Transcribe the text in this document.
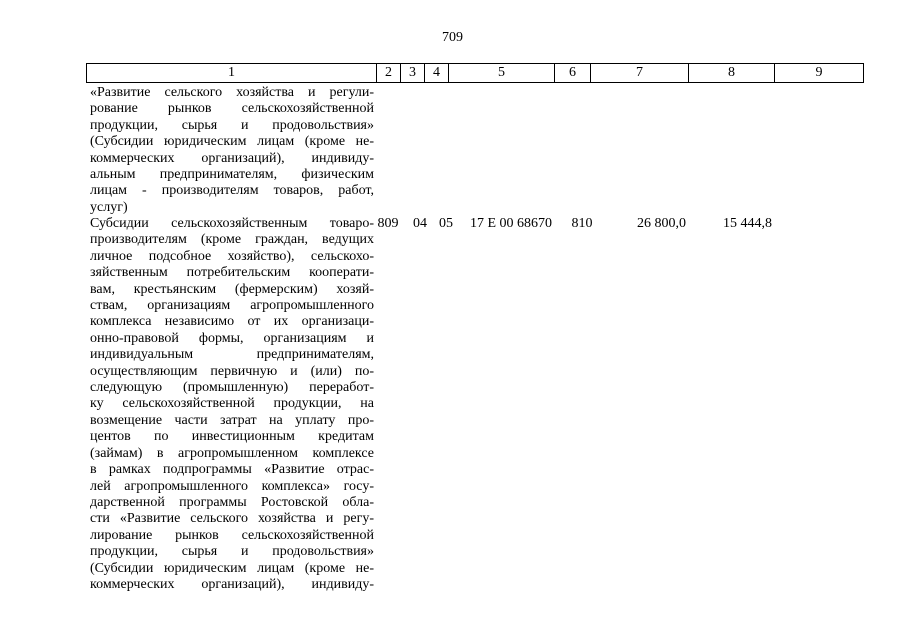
709
1	2	3	4	5	6	7	8	9
«Развитие сельского хозяйства и регули-
рование рынков сельскохозяйственной
продукции, сырья и продовольствия»
(Субсидии юридическим лицам (кроме не-
коммерческих организаций), индивиду-
альным предпринимателям, физическим
лицам - производителям товаров, работ,
услуг)
Субсидии сельскохозяйственным товаро-
производителям (кроме граждан, ведущих
личное подсобное хозяйство), сельскохо-
зяйственным потребительским кооперати-
вам, крестьянским (фермерским) хозяй-
ствам, организациям агропромышленного
комплекса независимо от их организаци-
онно-правовой формы, организациям и
индивидуальным предпринимателям,
осуществляющим первичную и (или) по-
следующую (промышленную) переработ-
ку сельскохозяйственной продукции, на
возмещение части затрат на уплату про-
центов по инвестиционным кредитам
(займам) в агропромышленном комплексе
в рамках подпрограммы «Развитие отрас-
лей агропромышленного комплекса» госу-
дарственной программы Ростовской обла-
сти «Развитие сельского хозяйства и регу-
лирование рынков сельскохозяйственной
продукции, сырья и продовольствия»
(Субсидии юридическим лицам (кроме не-
коммерческих организаций), индивиду-
809	04 05	17 Е 00 68670	810	26 800,0	15 444,8
